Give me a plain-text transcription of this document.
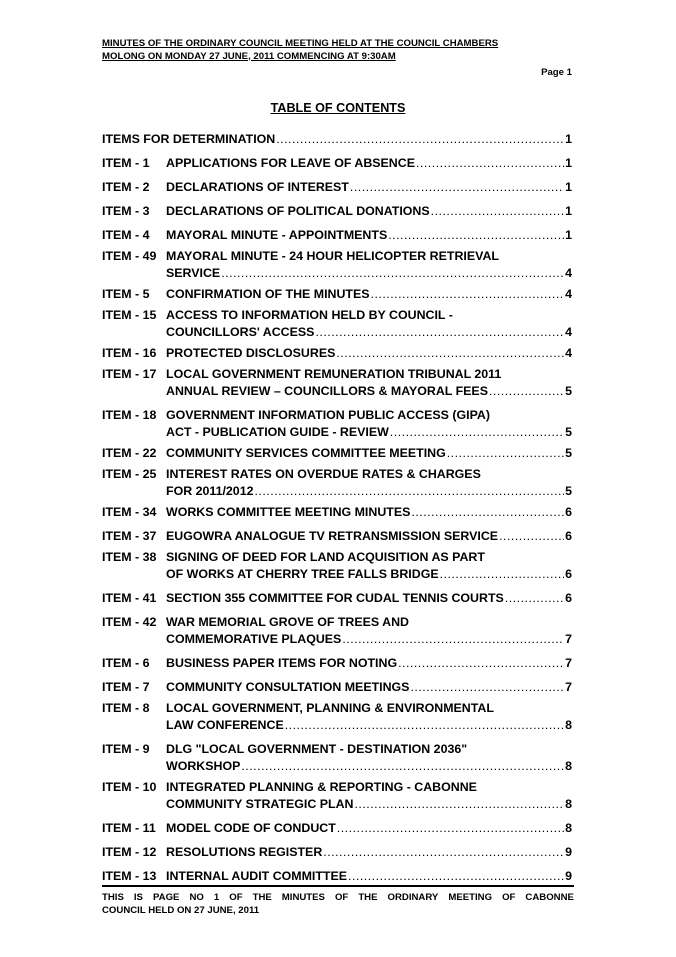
MINUTES OF THE ORDINARY COUNCIL MEETING HELD AT THE COUNCIL CHAMBERS
MOLONG ON MONDAY 27 JUNE, 2011 COMMENCING AT 9:30AM
Page 1
TABLE OF CONTENTS
ITEMS FOR DETERMINATION .....	1
ITEM - 1	APPLICATIONS FOR LEAVE OF ABSENCE .....	1
ITEM - 2	DECLARATIONS OF INTEREST .....	1
ITEM - 3	DECLARATIONS OF POLITICAL DONATIONS .....	1
ITEM - 4	MAYORAL MINUTE - APPOINTMENTS .....	1
ITEM - 49 MAYORAL MINUTE - 24 HOUR HELICOPTER RETRIEVAL
SERVICE .....	4
ITEM - 5	CONFIRMATION OF THE MINUTES .....	4
ITEM - 15 ACCESS TO INFORMATION HELD BY COUNCIL -
COUNCILLORS' ACCESS .....	4
ITEM - 16 PROTECTED DISCLOSURES .....	4
ITEM - 17 LOCAL GOVERNMENT REMUNERATION TRIBUNAL 2011
ANNUAL REVIEW – COUNCILLORS & MAYORAL FEES .....	5
ITEM - 18 GOVERNMENT INFORMATION PUBLIC ACCESS (GIPA)
ACT - PUBLICATION GUIDE - REVIEW .....	5
ITEM - 22 COMMUNITY SERVICES COMMITTEE MEETING .....	5
ITEM - 25 INTEREST RATES ON OVERDUE RATES & CHARGES
FOR 2011/2012 .....	5
ITEM - 34 WORKS COMMITTEE MEETING MINUTES .....	6
ITEM - 37 EUGOWRA ANALOGUE TV RETRANSMISSION SERVICE .....	6
ITEM - 38 SIGNING OF DEED FOR LAND ACQUISITION AS PART
OF WORKS AT CHERRY TREE FALLS BRIDGE .....	6
ITEM - 41 SECTION 355 COMMITTEE FOR CUDAL TENNIS COURTS .....	6
ITEM - 42 WAR MEMORIAL GROVE OF TREES AND
COMMEMORATIVE PLAQUES .....	7
ITEM - 6	BUSINESS PAPER ITEMS FOR NOTING .....	7
ITEM - 7	COMMUNITY CONSULTATION MEETINGS .....	7
ITEM - 8	LOCAL GOVERNMENT, PLANNING & ENVIRONMENTAL
LAW CONFERENCE .....	8
ITEM - 9	DLG "LOCAL GOVERNMENT - DESTINATION 2036"
WORKSHOP .....	8
ITEM - 10 INTEGRATED PLANNING & REPORTING - CABONNE
COMMUNITY STRATEGIC PLAN .....	8
ITEM - 11 MODEL CODE OF CONDUCT .....	8
ITEM - 12 RESOLUTIONS REGISTER .....	9
ITEM - 13 INTERNAL AUDIT COMMITTEE .....	9
THIS IS PAGE NO 1 OF THE MINUTES OF THE ORDINARY MEETING OF CABONNE
COUNCIL HELD ON 27 JUNE, 2011
